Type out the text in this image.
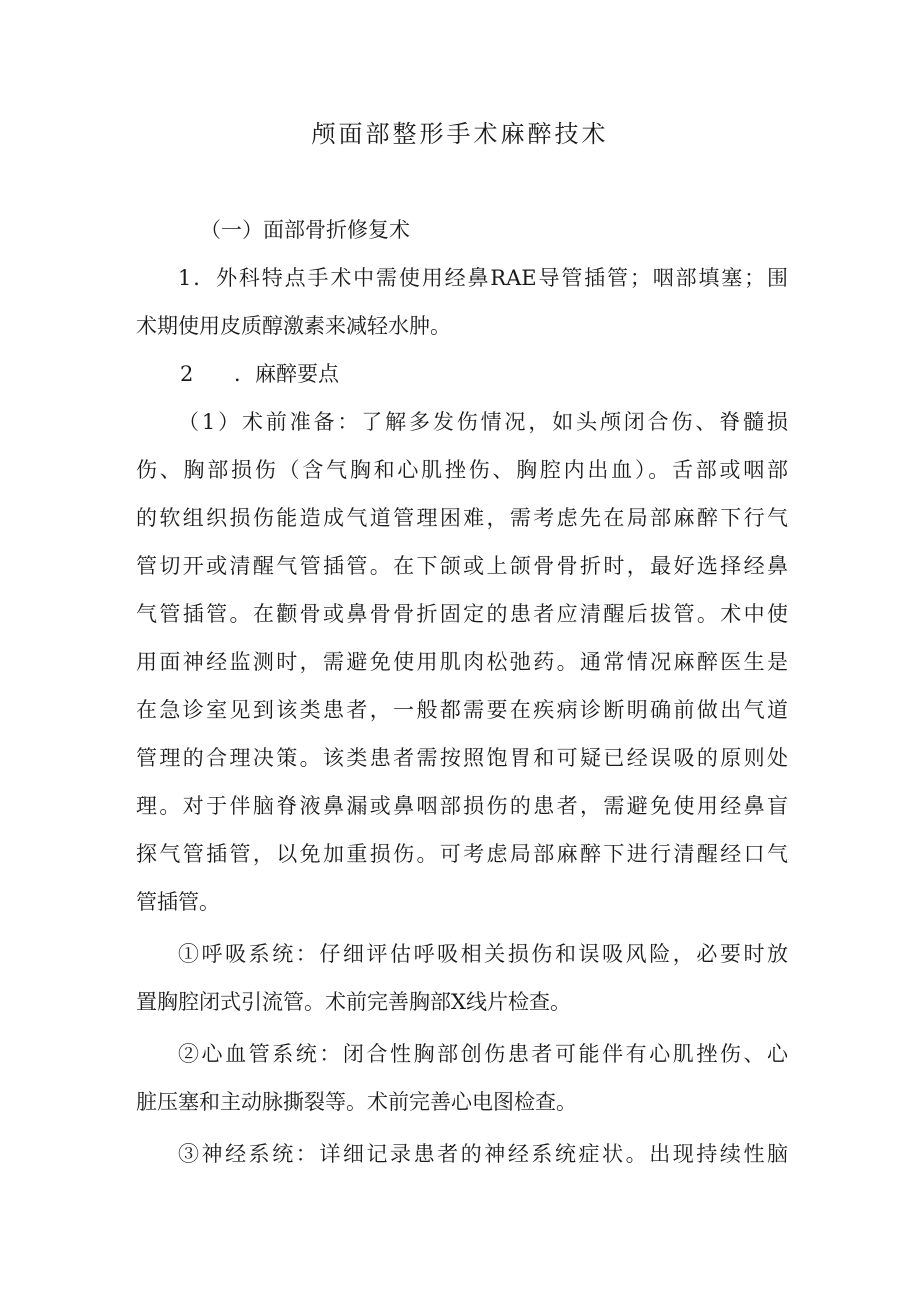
颅面部整形手术麻醉技术
（一）面部骨折修复术
1．外科特点手术中需使用经鼻RAE导管插管；咽部填塞；围
术期使用皮质醇激素来减轻水肿。
2 ．麻醉要点
（1）术前准备：了解多发伤情况，如头颅闭合伤、脊髓损
伤、胸部损伤（含气胸和心肌挫伤、胸腔内出血）。舌部或咽部
的软组织损伤能造成气道管理困难，需考虑先在局部麻醉下行气
管切开或清醒气管插管。在下颌或上颌骨骨折时，最好选择经鼻
气管插管。在颧骨或鼻骨骨折固定的患者应清醒后拔管。术中使
用面神经监测时，需避免使用肌肉松弛药。通常情况麻醉医生是
在急诊室见到该类患者，一般都需要在疾病诊断明确前做出气道
管理的合理决策。该类患者需按照饱胃和可疑已经误吸的原则处
理。对于伴脑脊液鼻漏或鼻咽部损伤的患者，需避免使用经鼻盲
探气管插管，以免加重损伤。可考虑局部麻醉下进行清醒经口气
管插管。
①呼吸系统：仔细评估呼吸相关损伤和误吸风险，必要时放
置胸腔闭式引流管。术前完善胸部X线片检查。
②心血管系统：闭合性胸部创伤患者可能伴有心肌挫伤、心
脏压塞和主动脉撕裂等。术前完善心电图检查。
③神经系统：详细记录患者的神经系统症状。出现持续性脑
